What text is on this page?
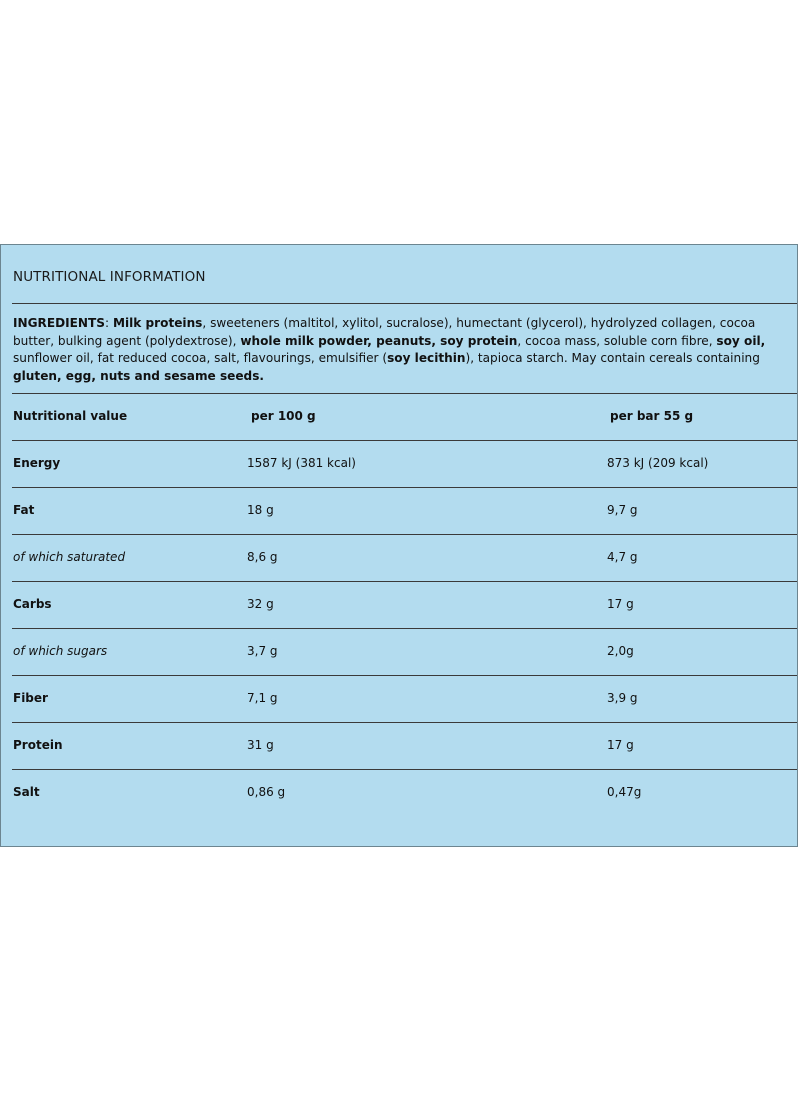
NUTRITIONAL INFORMATION
INGREDIENTS: Milk proteins, sweeteners (maltitol, xylitol, sucralose), humectant (glycerol), hydrolyzed collagen, cocoa butter, bulking agent (polydextrose), whole milk powder, peanuts, soy protein, cocoa mass, soluble corn fibre, soy oil, sunflower oil, fat reduced cocoa, salt, flavourings, emulsifier (soy lecithin), tapioca starch. May contain cereals containing gluten, egg, nuts and sesame seeds.
Nutritional value	per 100 g	per bar 55 g
Energy	1587 kJ (381 kcal)	873 kJ (209 kcal)
Fat	18 g	9,7 g
of which saturated	8,6 g	4,7 g
Carbs	32 g	17 g
of which sugars	3,7 g	2,0g
Fiber	7,1 g	3,9 g
Protein	31 g	17 g
Salt	0,86 g	0,47g
